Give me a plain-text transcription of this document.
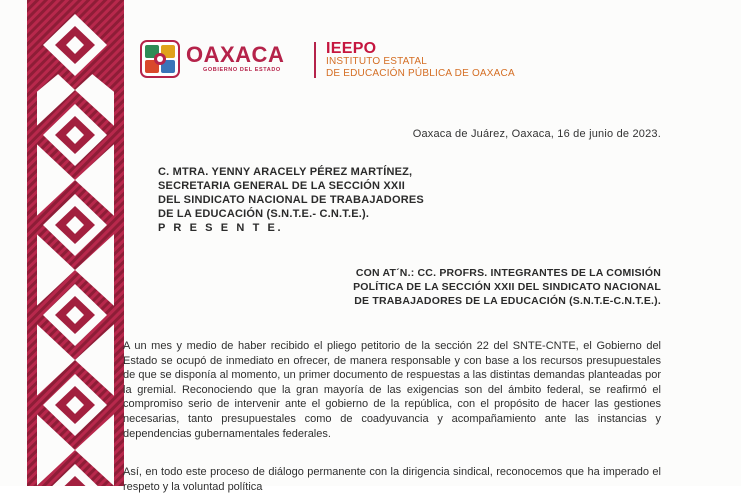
OAXACA
GOBIERNO DEL ESTADO
IEEPO
INSTITUTO ESTATAL
DE EDUCACIÓN PÚBLICA DE OAXACA
Oaxaca de Juárez, Oaxaca, 16 de junio de 2023.
C. MTRA. YENNY ARACELY PÉREZ MARTÍNEZ,
SECRETARIA GENERAL DE LA SECCIÓN XXII
DEL SINDICATO NACIONAL DE TRABAJADORES
DE LA EDUCACIÓN (S.N.T.E.- C.N.T.E.).
P R E S E N T E.
CON AT´N.: CC. PROFRS. INTEGRANTES DE LA COMISIÓN
POLÍTICA DE LA SECCIÓN XXII DEL SINDICATO NACIONAL
DE TRABAJADORES DE LA EDUCACIÓN (S.N.T.E-C.N.T.E.).

A un mes y medio de haber recibido el pliego petitorio de la sección 22 del SNTE-CNTE, el Gobierno del Estado se ocupó de inmediato en ofrecer, de manera responsable y con base a los recursos presupuestales de que se disponía al momento, un primer documento de respuestas a las distintas demandas planteadas por la gremial. Reconociendo que la gran mayoría de las exigencias son del ámbito federal, se reafirmó el compromiso serio de intervenir ante el gobierno de la república, con el propósito de hacer las gestiones necesarias, tanto presupuestales como de coadyuvancia y acompañamiento ante las instancias y dependencias gubernamentales federales.

Así, en todo este proceso de diálogo permanente con la dirigencia sindical, reconocemos que ha imperado el respeto y la voluntad política
